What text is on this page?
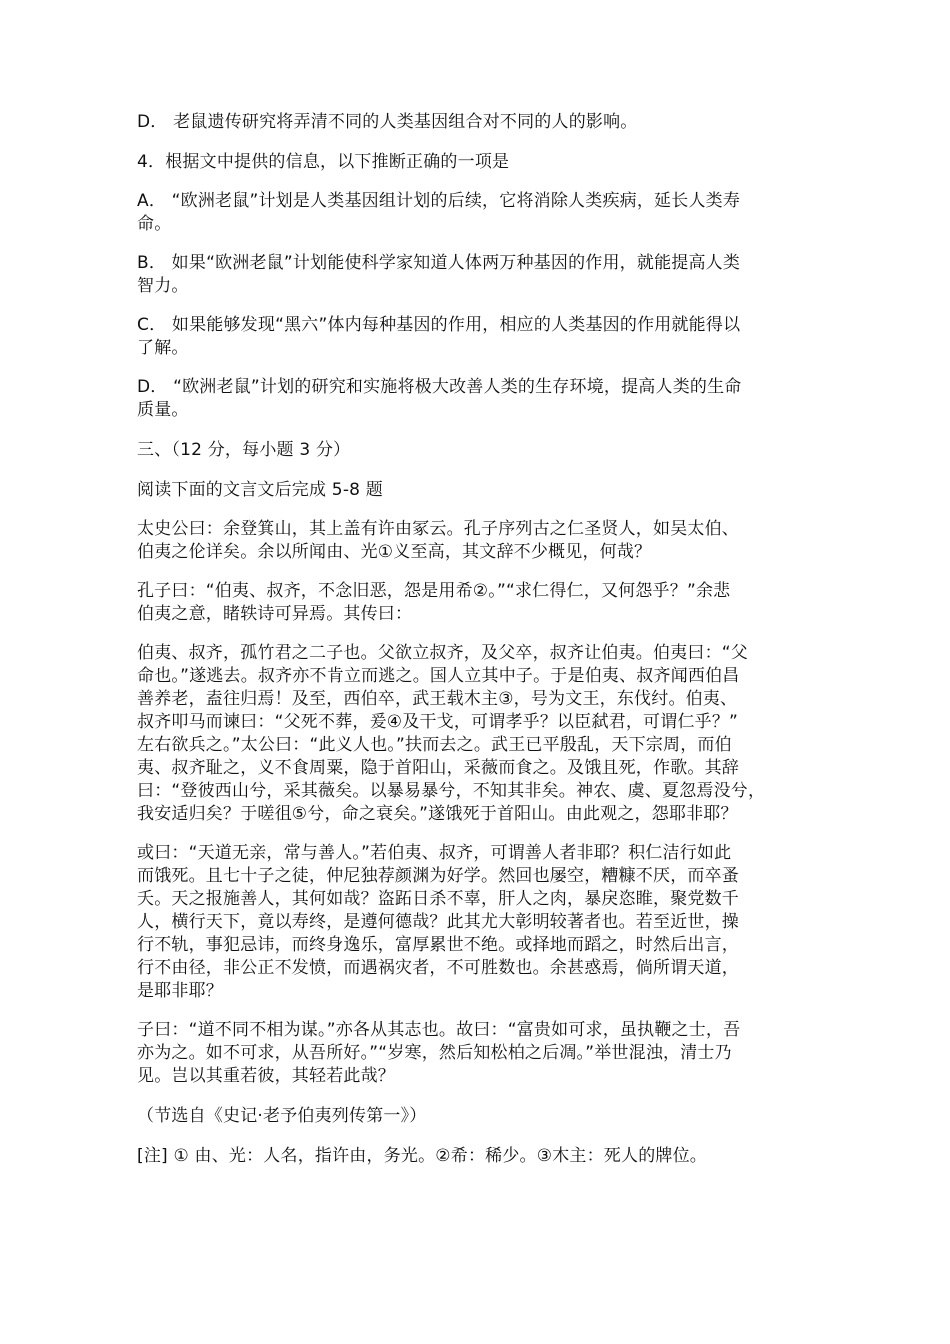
D． 老鼠遗传研究将弄清不同的人类基因组合对不同的人的影响。

4．根据文中提供的信息，以下推断正确的一项是

A． “欧洲老鼠”计划是人类基因组计划的后续，它将消除人类疾病，延长人类寿
命。

B． 如果“欧洲老鼠”计划能使科学家知道人体两万种基因的作用，就能提高人类
智力。

C． 如果能够发现“黑六”体内每种基因的作用，相应的人类基因的作用就能得以
了解。

D． “欧洲老鼠”计划的研究和实施将极大改善人类的生存环境，提高人类的生命
质量。

三、（12 分，每小题 3 分）

阅读下面的文言文后完成 5-8 题

太史公曰：余登箕山，其上盖有许由冢云。孔子序列古之仁圣贤人，如吴太伯、
伯夷之伦详矣。余以所闻由、光①义至高，其文辞不少概见，何哉？

孔子曰：“伯夷、叔齐，不念旧恶，怨是用希②。”“求仁得仁，又何怨乎？”余悲
伯夷之意，睹轶诗可异焉。其传曰：

伯夷、叔齐，孤竹君之二子也。父欲立叔齐，及父卒，叔齐让伯夷。伯夷曰：“父
命也。”遂逃去。叔齐亦不肯立而逃之。国人立其中子。于是伯夷、叔齐闻西伯昌
善养老，盍往归焉！及至，西伯卒，武王载木主③，号为文王，东伐纣。伯夷、
叔齐叩马而谏曰：“父死不葬，爰④及干戈，可谓孝乎？以臣弑君，可谓仁乎？”
左右欲兵之。”太公曰：“此义人也。”扶而去之。武王已平殷乱，天下宗周，而伯
夷、叔齐耻之，义不食周粟，隐于首阳山，采薇而食之。及饿且死，作歌。其辞
曰：“登彼西山兮，采其薇矣。以暴易暴兮，不知其非矣。神农、虞、夏忽焉没兮，
我安适归矣？于嗟徂⑤兮，命之衰矣。”遂饿死于首阳山。由此观之，怨耶非耶？

或曰：“天道无亲，常与善人。”若伯夷、叔齐，可谓善人者非耶？积仁洁行如此
而饿死。且七十子之徒，仲尼独荐颜渊为好学。然回也屡空，糟糠不厌，而卒蚤
夭。天之报施善人，其何如哉？盗跖日杀不辜，肝人之肉，暴戾恣睢，聚党数千
人，横行天下，竟以寿终，是遵何德哉？此其尤大彰明较著者也。若至近世，操
行不轨，事犯忌讳，而终身逸乐，富厚累世不绝。或择地而蹈之，时然后出言，
行不由径，非公正不发愤，而遇祸灾者，不可胜数也。余甚惑焉，倘所谓天道，
是耶非耶？

子曰：“道不同不相为谋。”亦各从其志也。故曰：“富贵如可求，虽执鞭之士，吾
亦为之。如不可求，从吾所好。”“岁寒，然后知松柏之后凋。”举世混浊，清士乃
见。岂以其重若彼，其轻若此哉？

（节选自《史记·老予伯夷列传第一》）

[注] ① 由、光：人名，指许由，务光。②希：稀少。③木主：死人的牌位。
